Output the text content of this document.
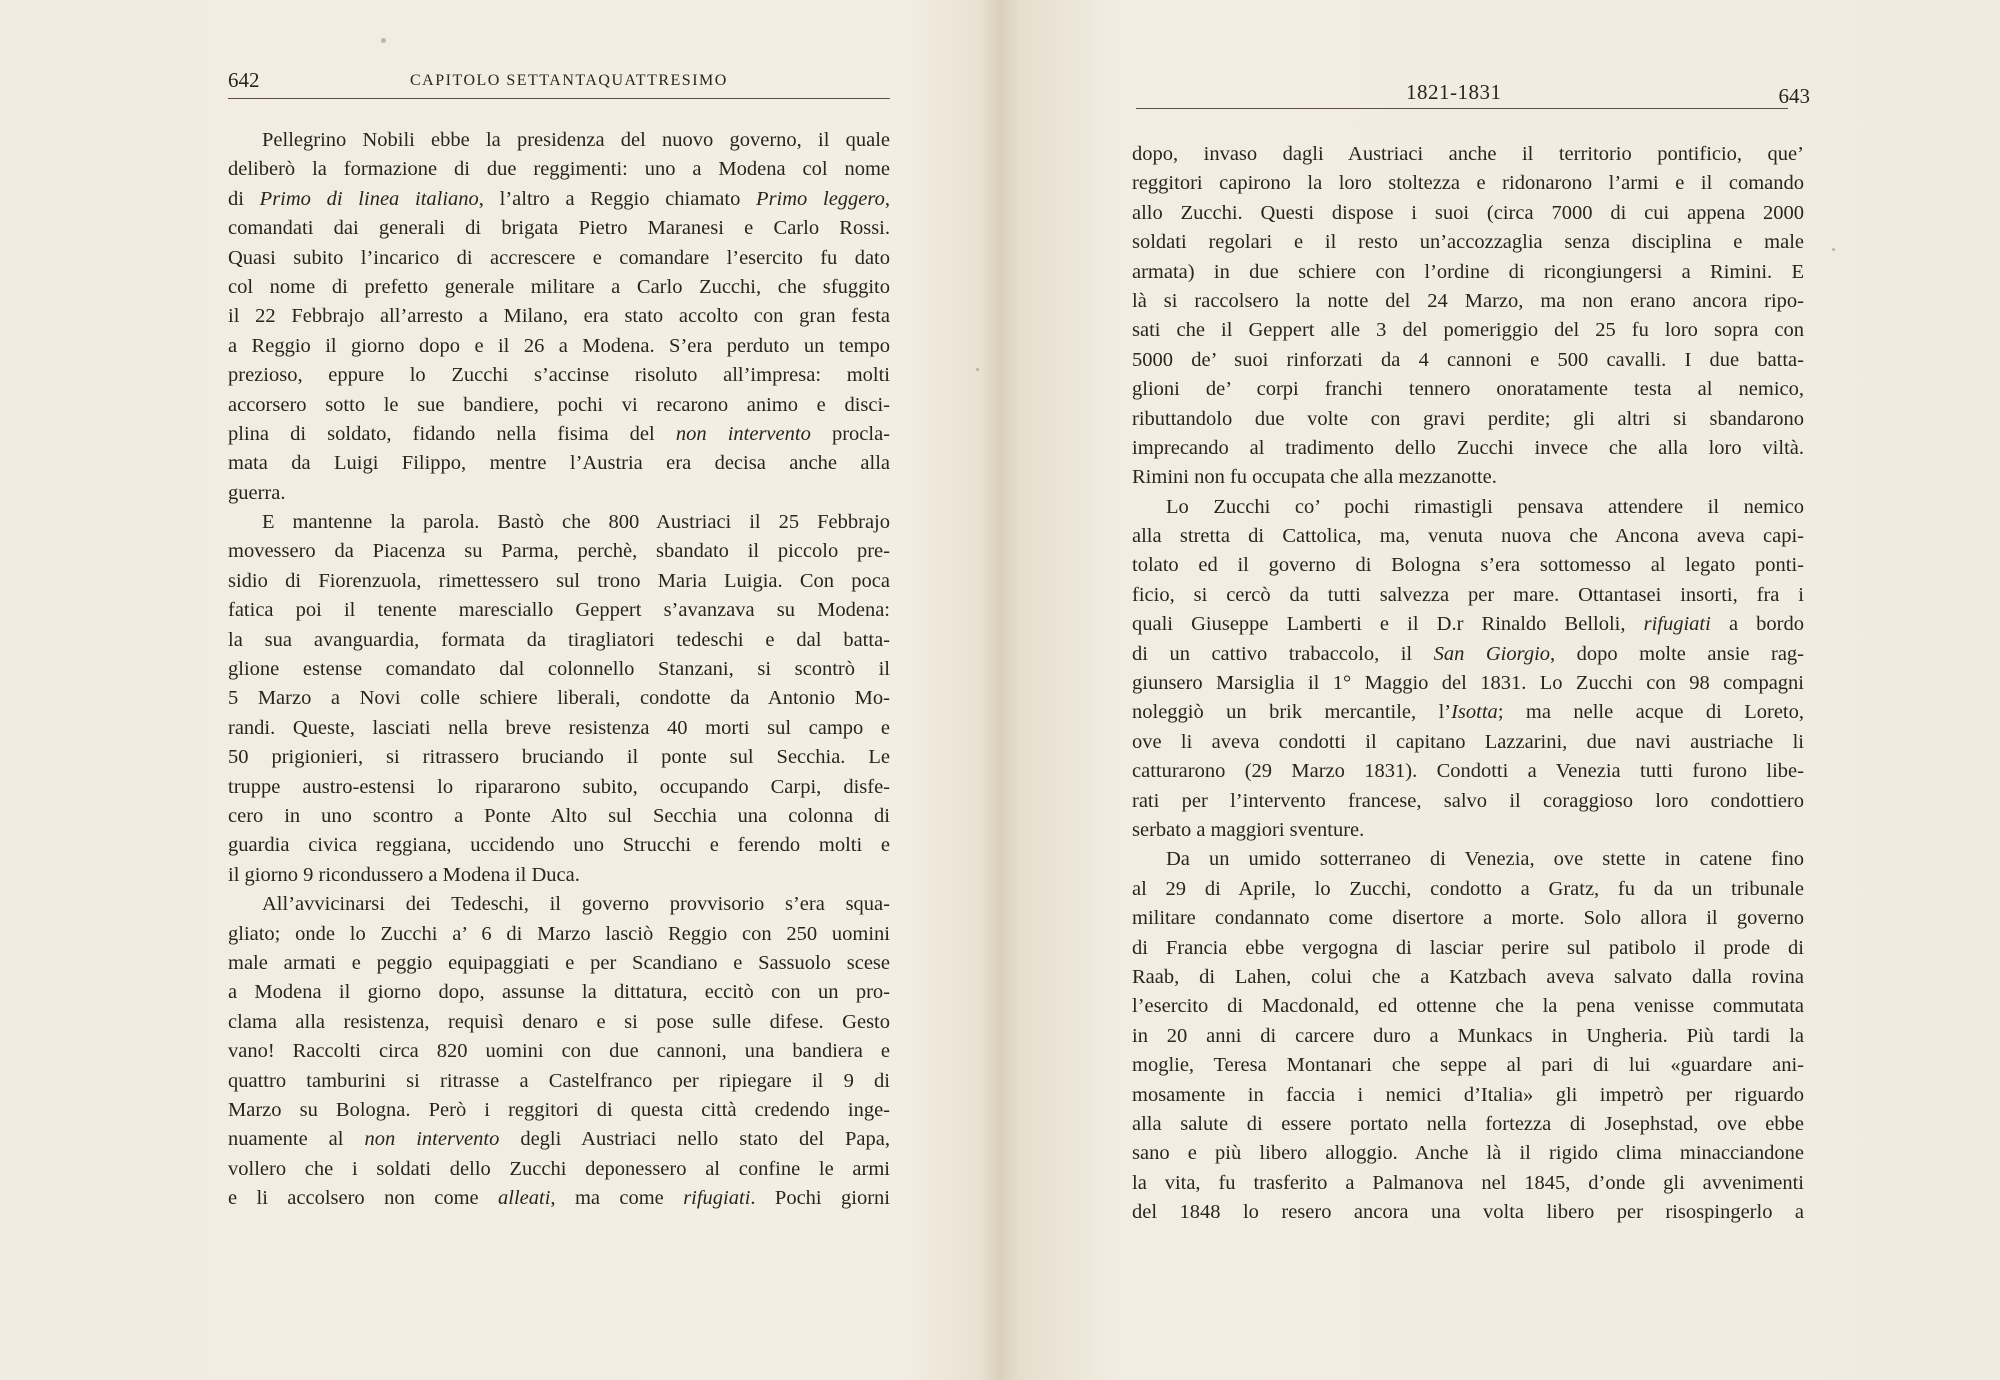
642	CAPITOLO SETTANTAQUATTRESIMO
Pellegrino Nobili ebbe la presidenza del nuovo governo, il quale
deliberò la formazione di due reggimenti: uno a Modena col nome
di Primo di linea italiano, l’altro a Reggio chiamato Primo leggero,
comandati dai generali di brigata Pietro Maranesi e Carlo Rossi.
Quasi subito l’incarico di accrescere e comandare l’esercito fu dato
col nome di prefetto generale militare a Carlo Zucchi, che sfuggito
il 22 Febbrajo all’arresto a Milano, era stato accolto con gran festa
a Reggio il giorno dopo e il 26 a Modena. S’era perduto un tempo
prezioso, eppure lo Zucchi s’accinse risoluto all’impresa: molti
accorsero sotto le sue bandiere, pochi vi recarono animo e disci-
plina di soldato, fidando nella fisima del non intervento procla-
mata da Luigi Filippo, mentre l’Austria era decisa anche alla
guerra.
E mantenne la parola. Bastò che 800 Austriaci il 25 Febbrajo
movessero da Piacenza su Parma, perchè, sbandato il piccolo pre-
sidio di Fiorenzuola, rimettessero sul trono Maria Luigia. Con poca
fatica poi il tenente maresciallo Geppert s’avanzava su Modena:
la sua avanguardia, formata da tiragliatori tedeschi e dal batta-
glione estense comandato dal colonnello Stanzani, si scontrò il
5 Marzo a Novi colle schiere liberali, condotte da Antonio Mo-
randi. Queste, lasciati nella breve resistenza 40 morti sul campo e
50 prigionieri, si ritrassero bruciando il ponte sul Secchia. Le
truppe austro-estensi lo ripararono subito, occupando Carpi, disfe-
cero in uno scontro a Ponte Alto sul Secchia una colonna di
guardia civica reggiana, uccidendo uno Strucchi e ferendo molti e
il giorno 9 ricondussero a Modena il Duca.
All’avvicinarsi dei Tedeschi, il governo provvisorio s’era squa-
gliato; onde lo Zucchi a’ 6 di Marzo lasciò Reggio con 250 uomini
male armati e peggio equipaggiati e per Scandiano e Sassuolo scese
a Modena il giorno dopo, assunse la dittatura, eccitò con un pro-
clama alla resistenza, requisì denaro e si pose sulle difese. Gesto
vano! Raccolti circa 820 uomini con due cannoni, una bandiera e
quattro tamburini si ritrasse a Castelfranco per ripiegare il 9 di
Marzo su Bologna. Però i reggitori di questa città credendo inge-
nuamente al non intervento degli Austriaci nello stato del Papa,
vollero che i soldati dello Zucchi deponessero al confine le armi
e li accolsero non come alleati, ma come rifugiati. Pochi giorni
1821-1831	643
dopo, invaso dagli Austriaci anche il territorio pontificio, que’
reggitori capirono la loro stoltezza e ridonarono l’armi e il comando
allo Zucchi. Questi dispose i suoi (circa 7000 di cui appena 2000
soldati regolari e il resto un’accozzaglia senza disciplina e male
armata) in due schiere con l’ordine di ricongiungersi a Rimini. E
là si raccolsero la notte del 24 Marzo, ma non erano ancora ripo-
sati che il Geppert alle 3 del pomeriggio del 25 fu loro sopra con
5000 de’ suoi rinforzati da 4 cannoni e 500 cavalli. I due batta-
glioni de’ corpi franchi tennero onoratamente testa al nemico,
ributtandolo due volte con gravi perdite; gli altri si sbandarono
imprecando al tradimento dello Zucchi invece che alla loro viltà.
Rimini non fu occupata che alla mezzanotte.
Lo Zucchi co’ pochi rimastigli pensava attendere il nemico
alla stretta di Cattolica, ma, venuta nuova che Ancona aveva capi-
tolato ed il governo di Bologna s’era sottomesso al legato ponti-
ficio, si cercò da tutti salvezza per mare. Ottantasei insorti, fra i
quali Giuseppe Lamberti e il D.r Rinaldo Belloli, rifugiati a bordo
di un cattivo trabaccolo, il San Giorgio, dopo molte ansie rag-
giunsero Marsiglia il 1° Maggio del 1831. Lo Zucchi con 98 compagni
noleggiò un brik mercantile, l’Isotta; ma nelle acque di Loreto,
ove li aveva condotti il capitano Lazzarini, due navi austriache li
catturarono (29 Marzo 1831). Condotti a Venezia tutti furono libe-
rati per l’intervento francese, salvo il coraggioso loro condottiero
serbato a maggiori sventure.
Da un umido sotterraneo di Venezia, ove stette in catene fino
al 29 di Aprile, lo Zucchi, condotto a Gratz, fu da un tribunale
militare condannato come disertore a morte. Solo allora il governo
di Francia ebbe vergogna di lasciar perire sul patibolo il prode di
Raab, di Lahen, colui che a Katzbach aveva salvato dalla rovina
l’esercito di Macdonald, ed ottenne che la pena venisse commutata
in 20 anni di carcere duro a Munkacs in Ungheria. Più tardi la
moglie, Teresa Montanari che seppe al pari di lui «guardare ani-
mosamente in faccia i nemici d’Italia» gli impetrò per riguardo
alla salute di essere portato nella fortezza di Josephstad, ove ebbe
sano e più libero alloggio. Anche là il rigido clima minacciandone
la vita, fu trasferito a Palmanova nel 1845, d’onde gli avvenimenti
del 1848 lo resero ancora una volta libero per risospingerlo a
